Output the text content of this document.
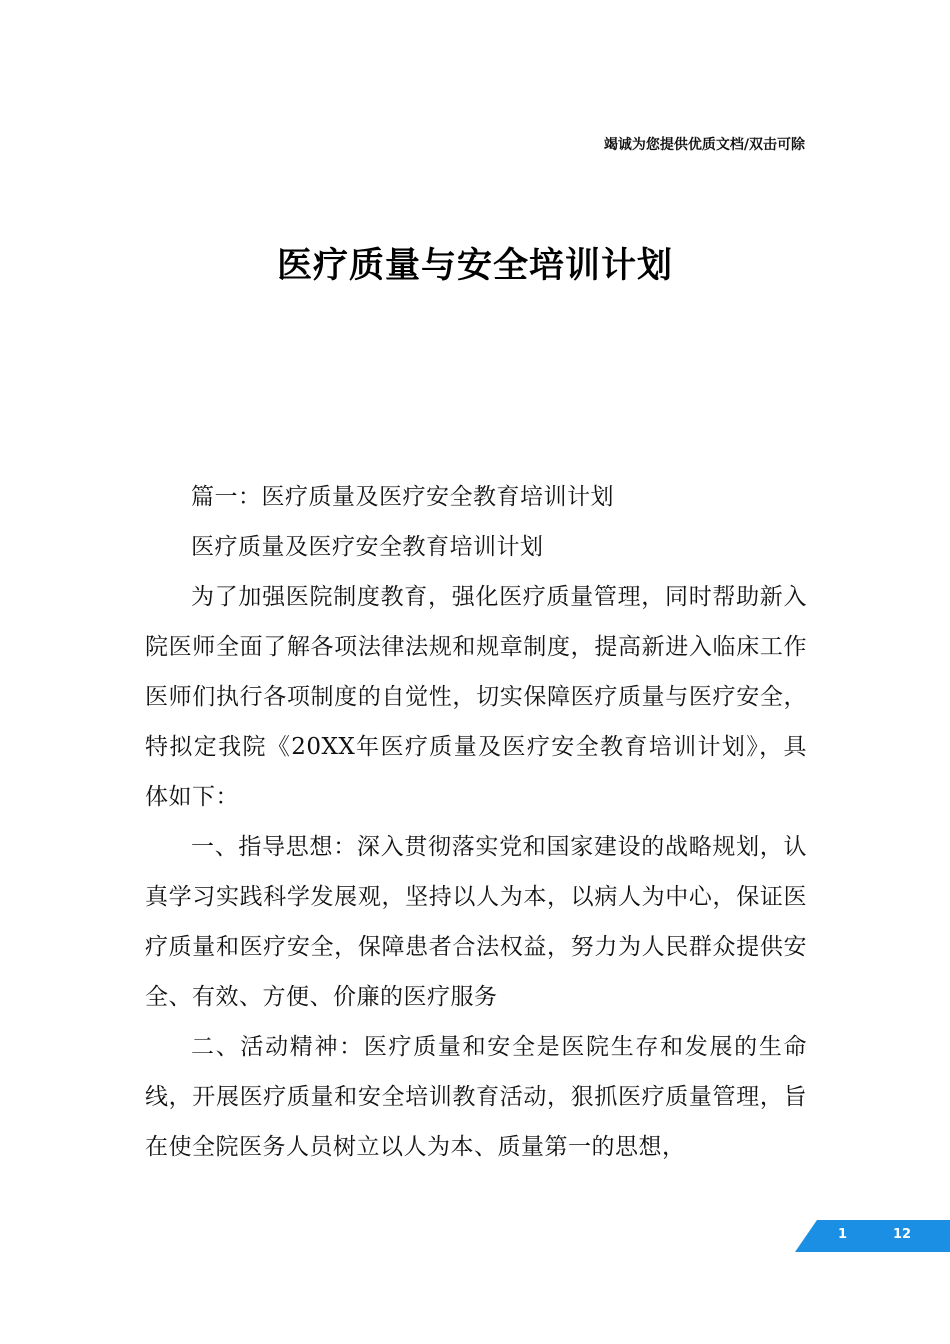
竭诚为您提供优质文档/双击可除
医疗质量与安全培训计划

篇一：医疗质量及医疗安全教育培训计划

医疗质量及医疗安全教育培训计划

为了加强医院制度教育，强化医疗质量管理，同时帮助新入院医师全面了解各项法律法规和规章制度，提高新进入临床工作医师们执行各项制度的自觉性，切实保障医疗质量与医疗安全，特拟定我院《20XX年医疗质量及医疗安全教育培训计划》，具体如下：

一、指导思想：深入贯彻落实党和国家建设的战略规划，认真学习实践科学发展观，坚持以人为本，以病人为中心，保证医疗质量和医疗安全，保障患者合法权益，努力为人民群众提供安全、有效、方便、价廉的医疗服务

二、活动精神：医疗质量和安全是医院生存和发展的生命线，开展医疗质量和安全培训教育活动，狠抓医疗质量管理，旨在使全院医务人员树立以人为本、质量第一的思想，

1	12
